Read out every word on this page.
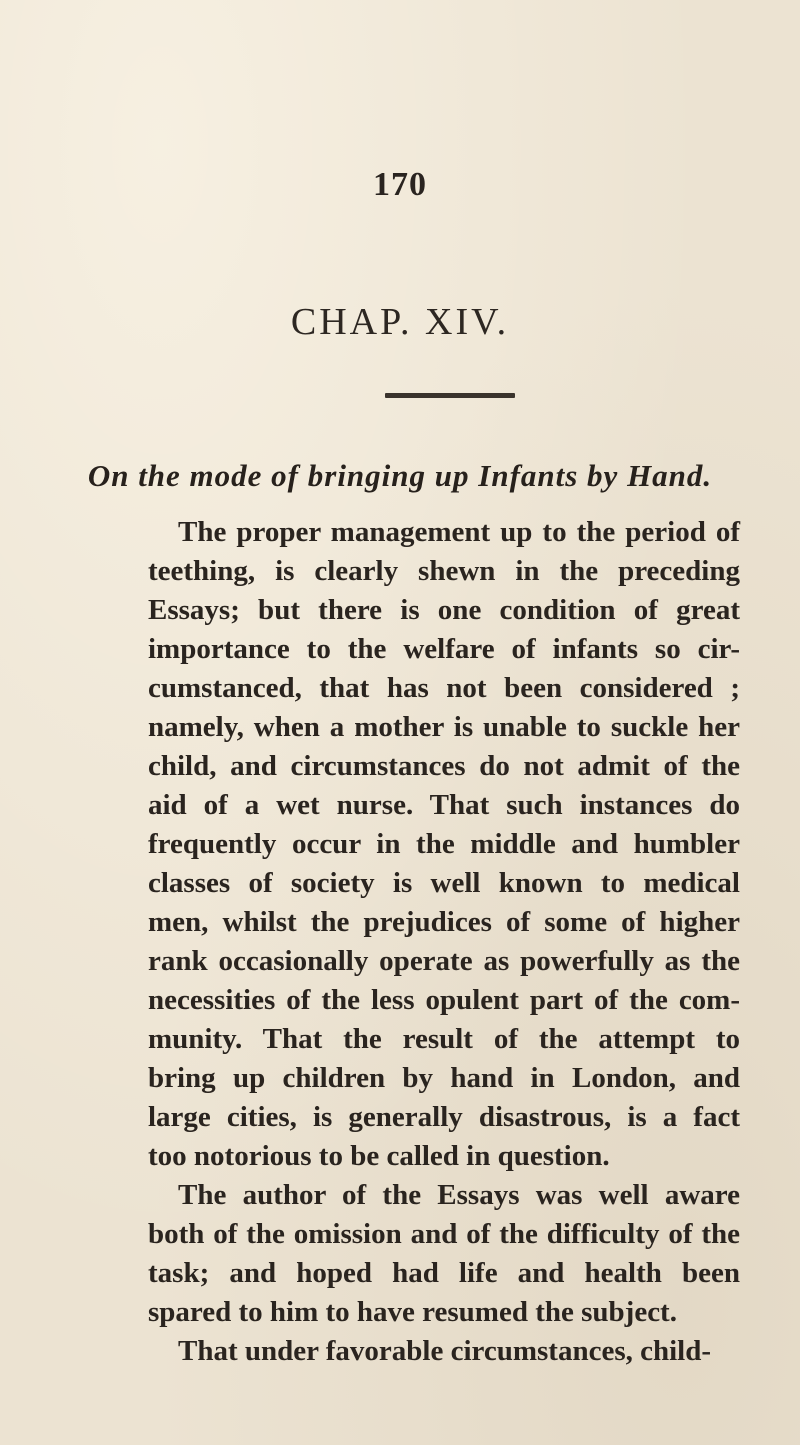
170
CHAP. XIV.
On the mode of bringing up Infants by Hand.
The proper management up to the period of
teething, is clearly shewn in the preceding
Essays; but there is one condition of great
importance to the welfare of infants so cir-
cumstanced, that has not been considered ;
namely, when a mother is unable to suckle her
child, and circumstances do not admit of the
aid of a wet nurse. That such instances do
frequently occur in the middle and humbler
classes of society is well known to medical
men, whilst the prejudices of some of higher
rank occasionally operate as powerfully as the
necessities of the less opulent part of the com-
munity. That the result of the attempt to
bring up children by hand in London, and
large cities, is generally disastrous, is a fact
too notorious to be called in question.
The author of the Essays was well aware
both of the omission and of the difficulty of the
task; and hoped had life and health been
spared to him to have resumed the subject.
That under favorable circumstances, child-
